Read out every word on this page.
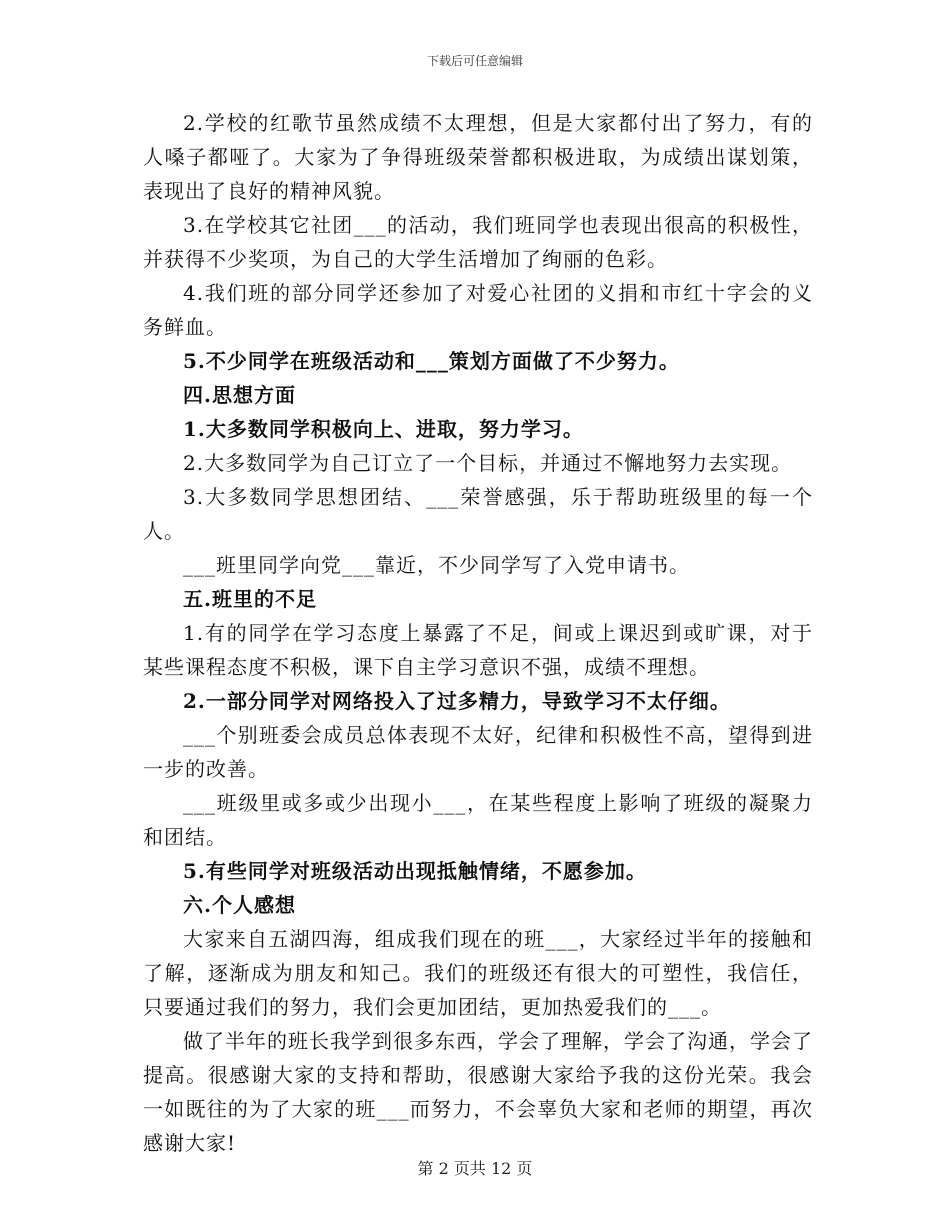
下载后可任意编辑

2.学校的红歌节虽然成绩不太理想，但是大家都付出了努力，有的人嗓子都哑了。大家为了争得班级荣誉都积极进取，为成绩出谋划策，表现出了良好的精神风貌。

3.在学校其它社团___的活动，我们班同学也表现出很高的积极性，并获得不少奖项，为自己的大学生活增加了绚丽的色彩。

4.我们班的部分同学还参加了对爱心社团的义捐和市红十字会的义务鲜血。

5.不少同学在班级活动和___策划方面做了不少努力。

四.思想方面

1.大多数同学积极向上、进取，努力学习。

2.大多数同学为自己订立了一个目标，并通过不懈地努力去实现。

3.大多数同学思想团结、___荣誉感强，乐于帮助班级里的每一个人。

___班里同学向党___靠近，不少同学写了入党申请书。

五.班里的不足

1.有的同学在学习态度上暴露了不足，间或上课迟到或旷课，对于某些课程态度不积极，课下自主学习意识不强，成绩不理想。

2.一部分同学对网络投入了过多精力，导致学习不太仔细。

___个别班委会成员总体表现不太好，纪律和积极性不高，望得到进一步的改善。

___班级里或多或少出现小___，在某些程度上影响了班级的凝聚力和团结。

5.有些同学对班级活动出现抵触情绪，不愿参加。

六.个人感想

大家来自五湖四海，组成我们现在的班___，大家经过半年的接触和了解，逐渐成为朋友和知己。我们的班级还有很大的可塑性，我信任，只要通过我们的努力，我们会更加团结，更加热爱我们的___。

做了半年的班长我学到很多东西，学会了理解，学会了沟通，学会了提高。很感谢大家的支持和帮助，很感谢大家给予我的这份光荣。我会一如既往的为了大家的班___而努力，不会辜负大家和老师的期望，再次感谢大家!

第 2 页共 12 页
